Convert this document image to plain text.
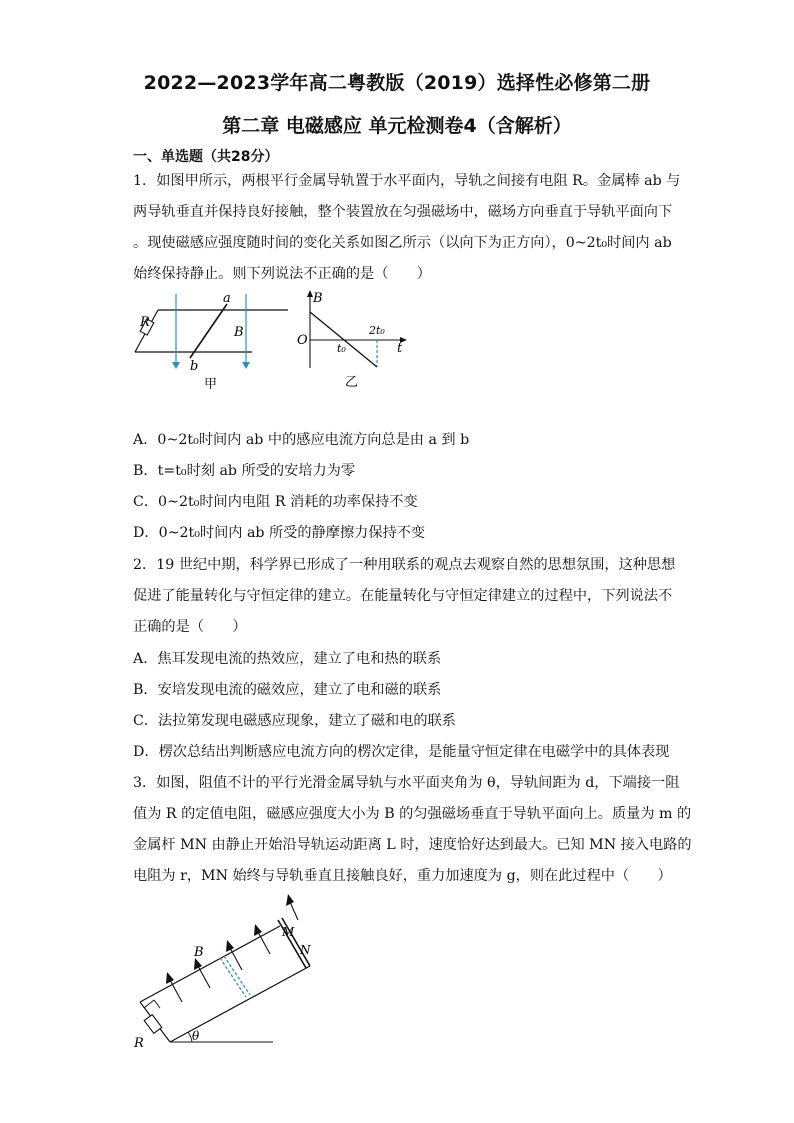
2022—2023学年高二粤教版（2019）选择性必修第二册
第二章 电磁感应 单元检测卷4（含解析）
一、单选题（共28分）
1．如图甲所示，两根平行金属导轨置于水平面内，导轨之间接有电阻 R。金属棒 ab 与
两导轨垂直并保持良好接触，整个装置放在匀强磁场中，磁场方向垂直于导轨平面向下
。现使磁感应强度随时间的变化关系如图乙所示（以向下为正方向），0~2t₀时间内 ab
始终保持静止。则下列说法不正确的是（　　）
R
a
b
B
甲
B
O
t₀
2t₀
t
乙
A．0~2t₀时间内 ab 中的感应电流方向总是由 a 到 b
B．t=t₀时刻 ab 所受的安培力为零
C．0~2t₀时间内电阻 R 消耗的功率保持不变
D．0~2t₀时间内 ab 所受的静摩擦力保持不变
2．19 世纪中期，科学界已形成了一种用联系的观点去观察自然的思想氛围，这种思想
促进了能量转化与守恒定律的建立。在能量转化与守恒定律建立的过程中，下列说法不
正确的是（　　）
A．焦耳发现电流的热效应，建立了电和热的联系
B．安培发现电流的磁效应，建立了电和磁的联系
C．法拉第发现电磁感应现象，建立了磁和电的联系
D．楞次总结出判断感应电流方向的楞次定律，是能量守恒定律在电磁学中的具体表现
3．如图，阻值不计的平行光滑金属导轨与水平面夹角为 θ，导轨间距为 d，下端接一阻
值为 R 的定值电阻，磁感应强度大小为 B 的匀强磁场垂直于导轨平面向上。质量为 m 的
金属杆 MN 由静止开始沿导轨运动距离 L 时，速度恰好达到最大。已知 MN 接入电路的
电阻为 r，MN 始终与导轨垂直且接触良好，重力加速度为 g，则在此过程中（　　）
B
M
N
R	θ
